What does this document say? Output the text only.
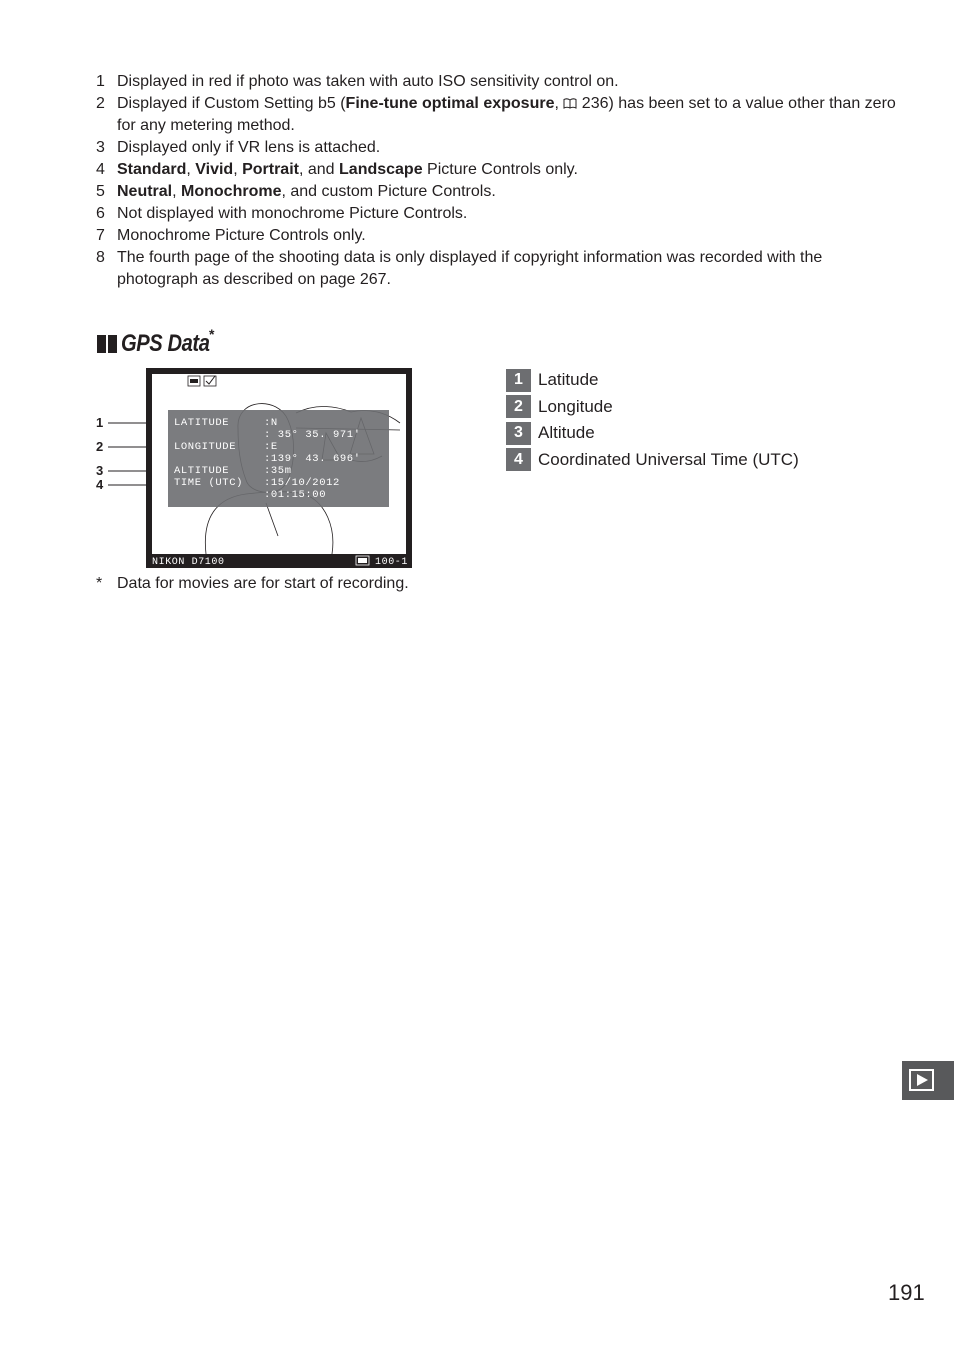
1 Displayed in red if photo was taken with auto ISO sensitivity control on.
2 Displayed if Custom Setting b5 (Fine-tune optimal exposure,  236) has been set to a value other than zero for any metering method.
3 Displayed only if VR lens is attached.
4 Standard, Vivid, Portrait, and Landscape Picture Controls only.
5 Neutral, Monochrome, and custom Picture Controls.
6 Not displayed with monochrome Picture Controls.
7 Monochrome Picture Controls only.
8 The fourth page of the shooting data is only displayed if copyright information was recorded with the photograph as described on page 267.
GPS Data *
1
2
3
4
LATITUDE
LONGITUDE
ALTITUDE
TIME (UTC)
:N
: 35° 35. 971'
:E
:139° 43. 696'
:35m
:15/10/2012
:01:15:00
NIKON D7100	100-1
1 Latitude
2 Longitude
3 Altitude
4 Coordinated Universal Time (UTC)
* Data for movies are for start of recording.
191
